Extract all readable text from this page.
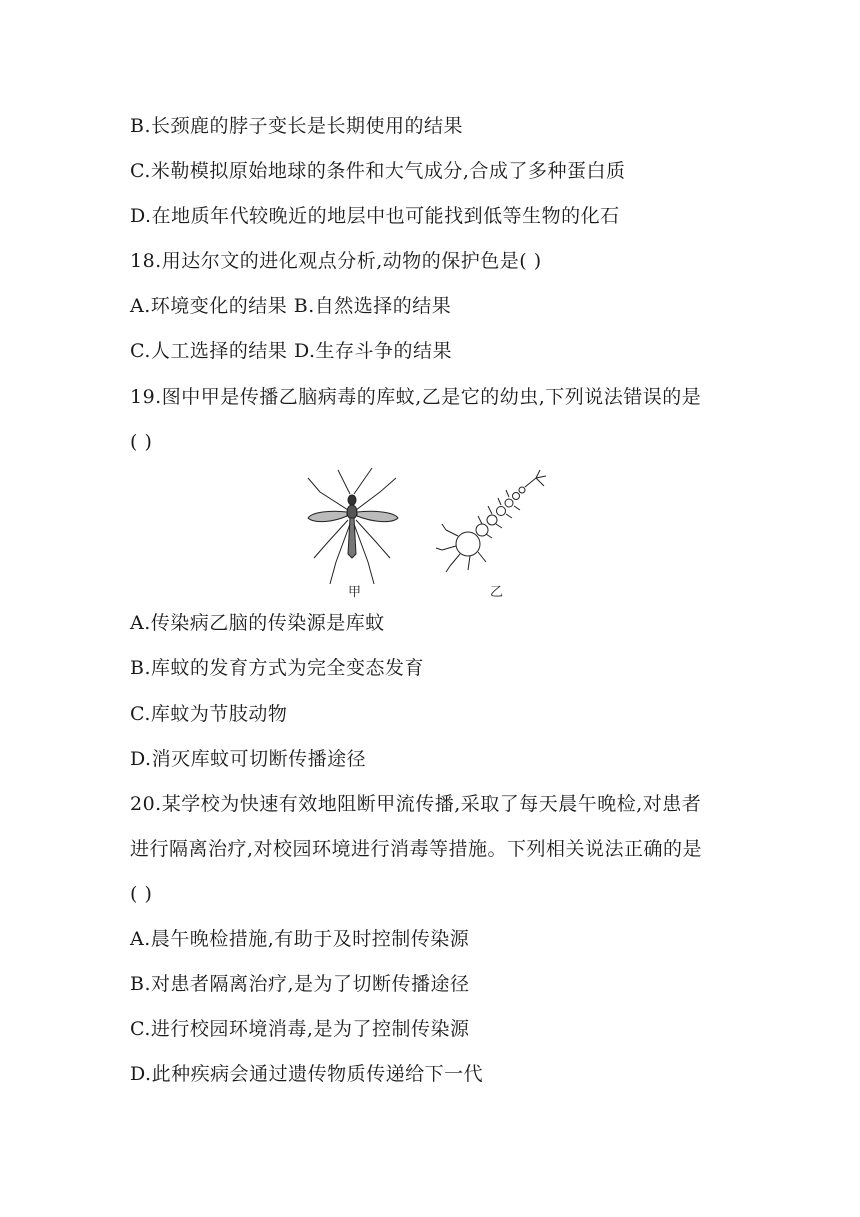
B.长颈鹿的脖子变长是长期使用的结果
C.米勒模拟原始地球的条件和大气成分,合成了多种蛋白质
D.在地质年代较晚近的地层中也可能找到低等生物的化石
18.用达尔文的进化观点分析,动物的保护色是( )
A.环境变化的结果 B.自然选择的结果
C.人工选择的结果 D.生存斗争的结果
19.图中甲是传播乙脑病毒的库蚊,乙是它的幼虫,下列说法错误的是
( )
甲	乙
A.传染病乙脑的传染源是库蚊
B.库蚊的发育方式为完全变态发育
C.库蚊为节肢动物
D.消灭库蚊可切断传播途径
20.某学校为快速有效地阻断甲流传播,采取了每天晨午晚检,对患者
进行隔离治疗,对校园环境进行消毒等措施。下列相关说法正确的是
( )
A.晨午晚检措施,有助于及时控制传染源
B.对患者隔离治疗,是为了切断传播途径
C.进行校园环境消毒,是为了控制传染源
D.此种疾病会通过遗传物质传递给下一代
